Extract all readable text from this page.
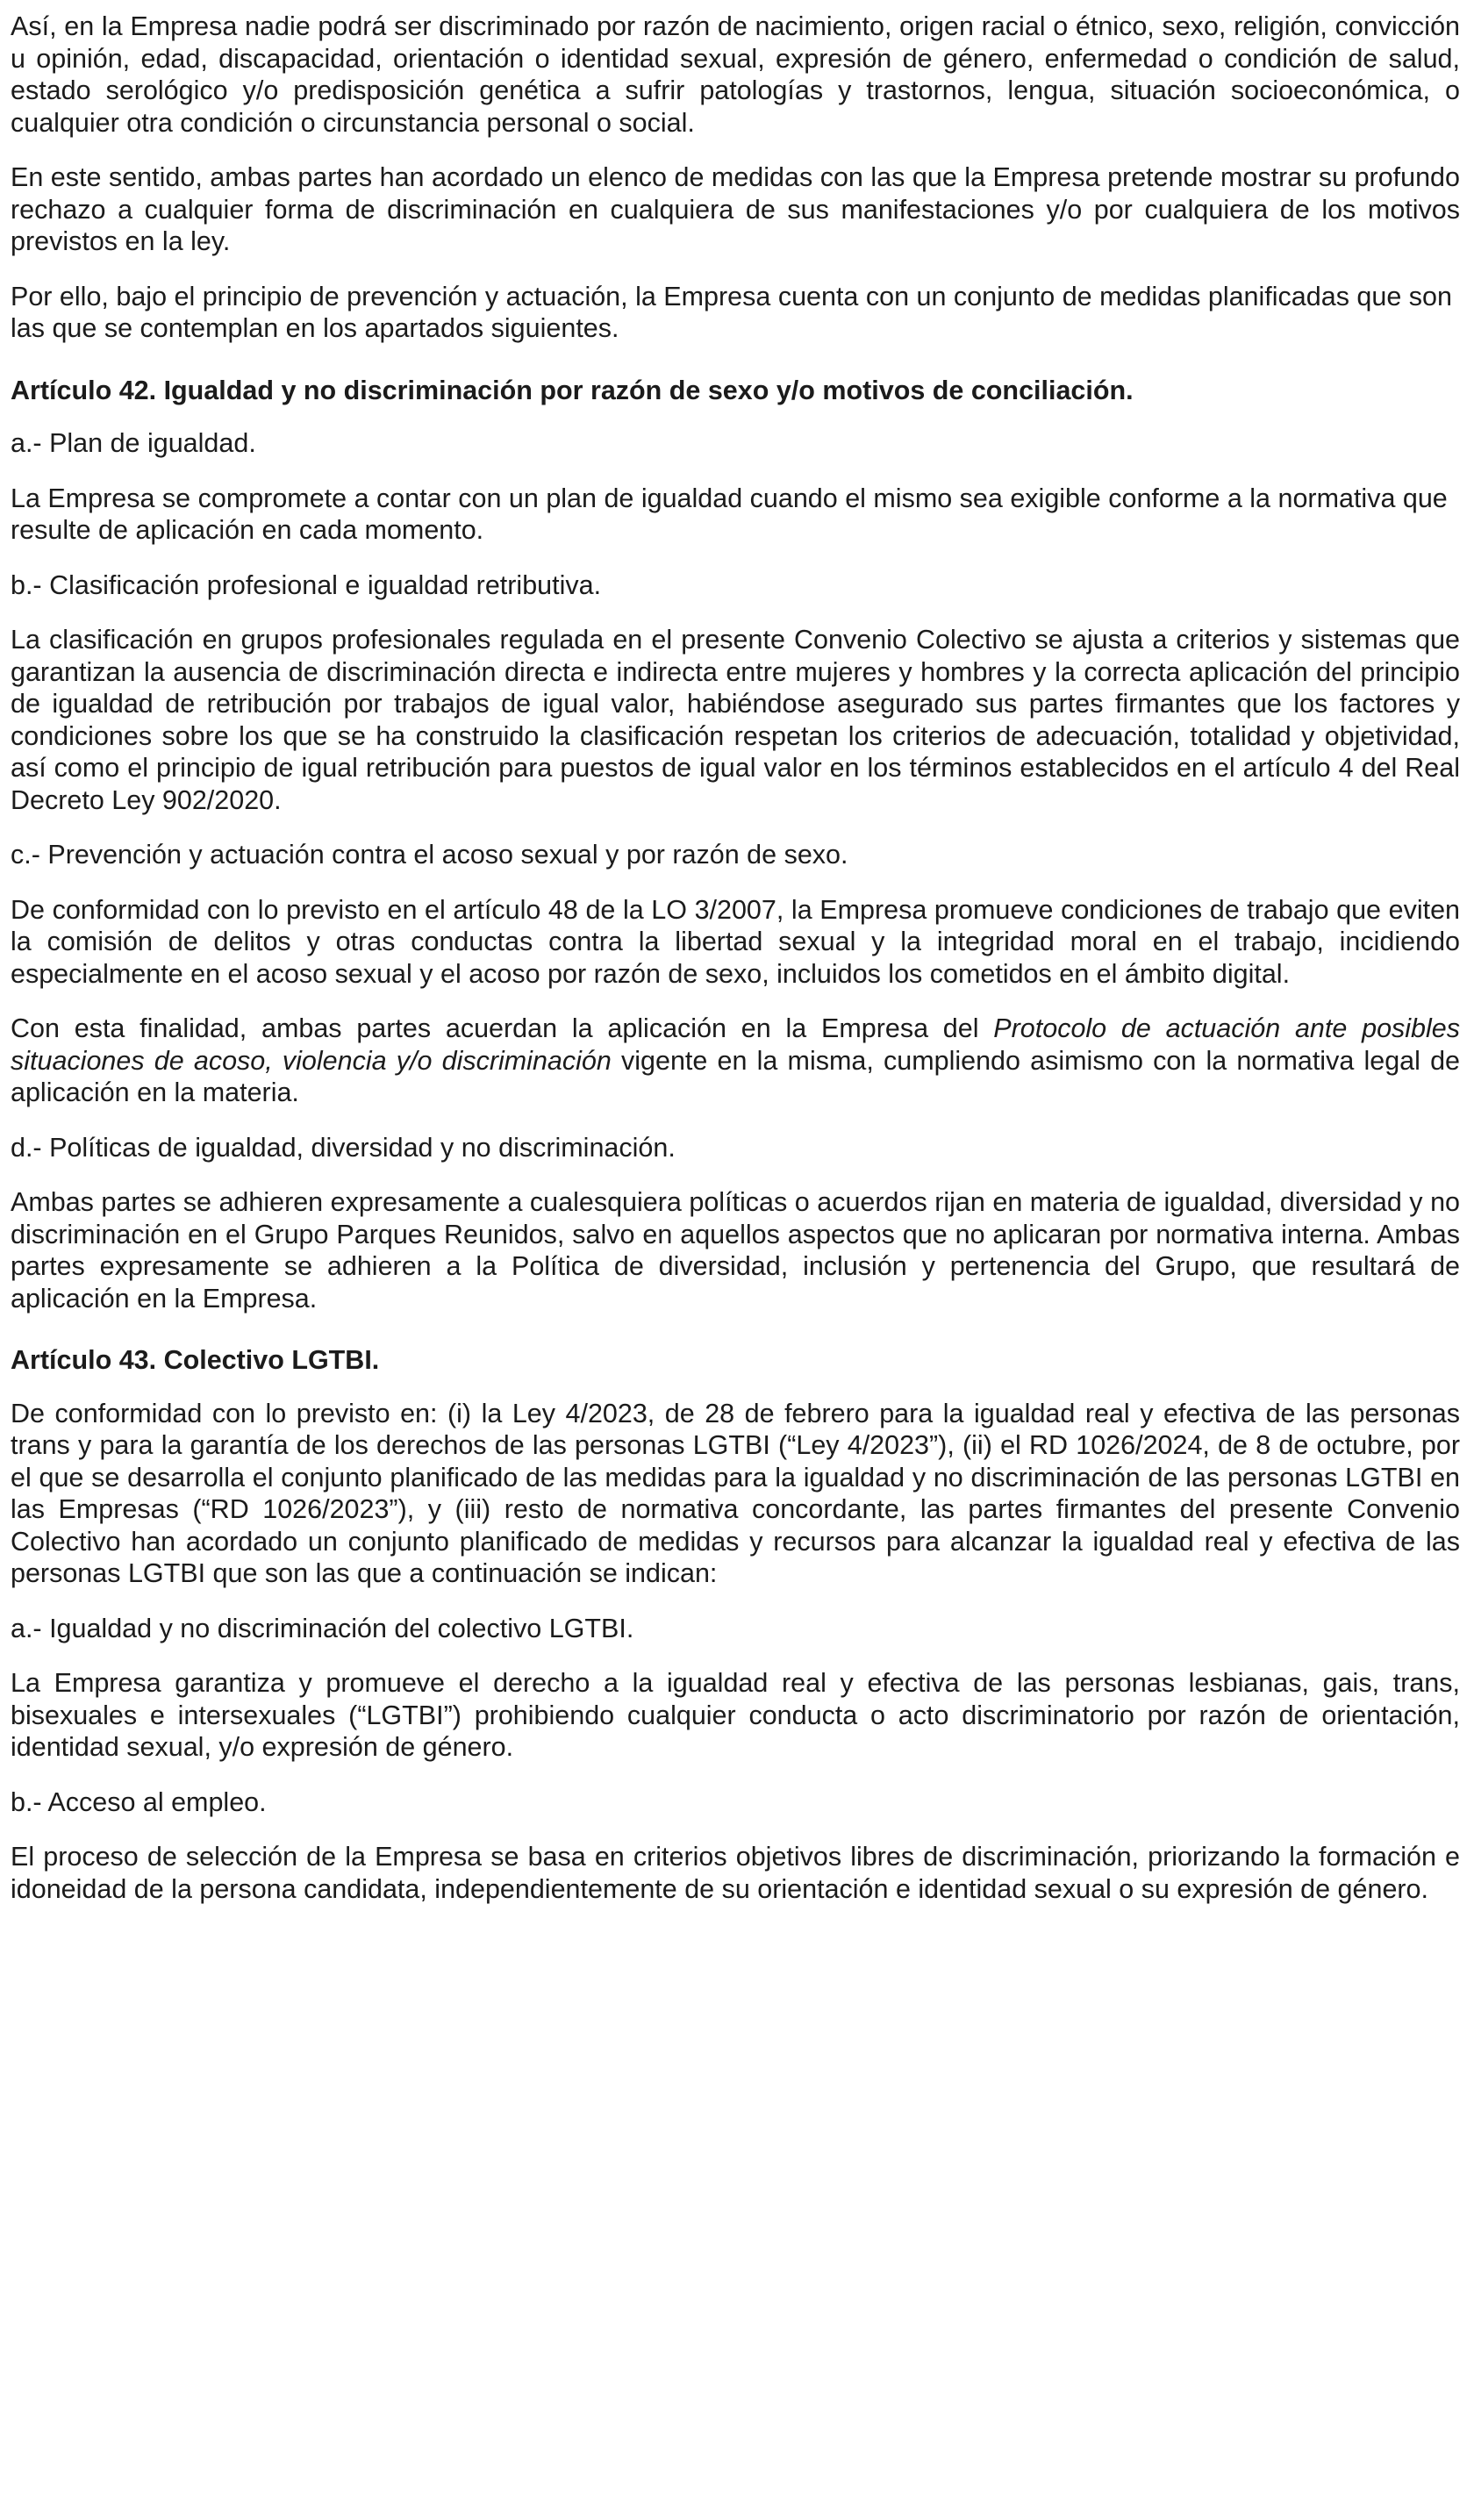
Así, en la Empresa nadie podrá ser discriminado por razón de nacimiento, origen racial o étnico, sexo, religión, convicción u opinión, edad, discapacidad, orientación o identidad sexual, expresión de género, enfermedad o condición de salud, estado serológico y/o predisposición genética a sufrir patologías y trastornos, lengua, situación socioeconómica, o cualquier otra condición o circunstancia personal o social.

En este sentido, ambas partes han acordado un elenco de medidas con las que la Empresa pretende mostrar su profundo rechazo a cualquier forma de discriminación en cualquiera de sus manifestaciones y/o por cualquiera de los motivos previstos en la ley.

Por ello, bajo el principio de prevención y actuación, la Empresa cuenta con un conjunto de medidas planificadas que son las que se contemplan en los apartados siguientes.

Artículo 42. Igualdad y no discriminación por razón de sexo y/o motivos de conciliación.
a.- Plan de igualdad.

La Empresa se compromete a contar con un plan de igualdad cuando el mismo sea exigible conforme a la normativa que resulte de aplicación en cada momento.

b.- Clasificación profesional e igualdad retributiva.

La clasificación en grupos profesionales regulada en el presente Convenio Colectivo se ajusta a criterios y sistemas que garantizan la ausencia de discriminación directa e indirecta entre mujeres y hombres y la correcta aplicación del principio de igualdad de retribución por trabajos de igual valor, habiéndose asegurado sus partes firmantes que los factores y condiciones sobre los que se ha construido la clasificación respetan los criterios de adecuación, totalidad y objetividad, así como el principio de igual retribución para puestos de igual valor en los términos establecidos en el artículo 4 del Real Decreto Ley 902/2020.

c.- Prevención y actuación contra el acoso sexual y por razón de sexo.

De conformidad con lo previsto en el artículo 48 de la LO 3/2007, la Empresa promueve condiciones de trabajo que eviten la comisión de delitos y otras conductas contra la libertad sexual y la integridad moral en el trabajo, incidiendo especialmente en el acoso sexual y el acoso por razón de sexo, incluidos los cometidos en el ámbito digital.

Con esta finalidad, ambas partes acuerdan la aplicación en la Empresa del Protocolo de actuación ante posibles situaciones de acoso, violencia y/o discriminación vigente en la misma, cumpliendo asimismo con la normativa legal de aplicación en la materia.

d.- Políticas de igualdad, diversidad y no discriminación.

Ambas partes se adhieren expresamente a cualesquiera políticas o acuerdos rijan en materia de igualdad, diversidad y no discriminación en el Grupo Parques Reunidos, salvo en aquellos aspectos que no aplicaran por normativa interna. Ambas partes expresamente se adhieren a la Política de diversidad, inclusión y pertenencia del Grupo, que resultará de aplicación en la Empresa.

Artículo 43. Colectivo LGTBI.

De conformidad con lo previsto en: (i) la Ley 4/2023, de 28 de febrero para la igualdad real y efectiva de las personas trans y para la garantía de los derechos de las personas LGTBI (“Ley 4/2023”), (ii) el RD 1026/2024, de 8 de octubre, por el que se desarrolla el conjunto planificado de las medidas para la igualdad y no discriminación de las personas LGTBI en las Empresas (“RD 1026/2023”), y (iii) resto de normativa concordante, las partes firmantes del presente Convenio Colectivo han acordado un conjunto planificado de medidas y recursos para alcanzar la igualdad real y efectiva de las personas LGTBI que son las que a continuación se indican:

a.- Igualdad y no discriminación del colectivo LGTBI.

La Empresa garantiza y promueve el derecho a la igualdad real y efectiva de las personas lesbianas, gais, trans, bisexuales e intersexuales (“LGTBI”) prohibiendo cualquier conducta o acto discriminatorio por razón de orientación, identidad sexual, y/o expresión de género.

b.- Acceso al empleo.

El proceso de selección de la Empresa se basa en criterios objetivos libres de discriminación, priorizando la formación e idoneidad de la persona candidata, independientemente de su orientación e identidad sexual o su expresión de género.
